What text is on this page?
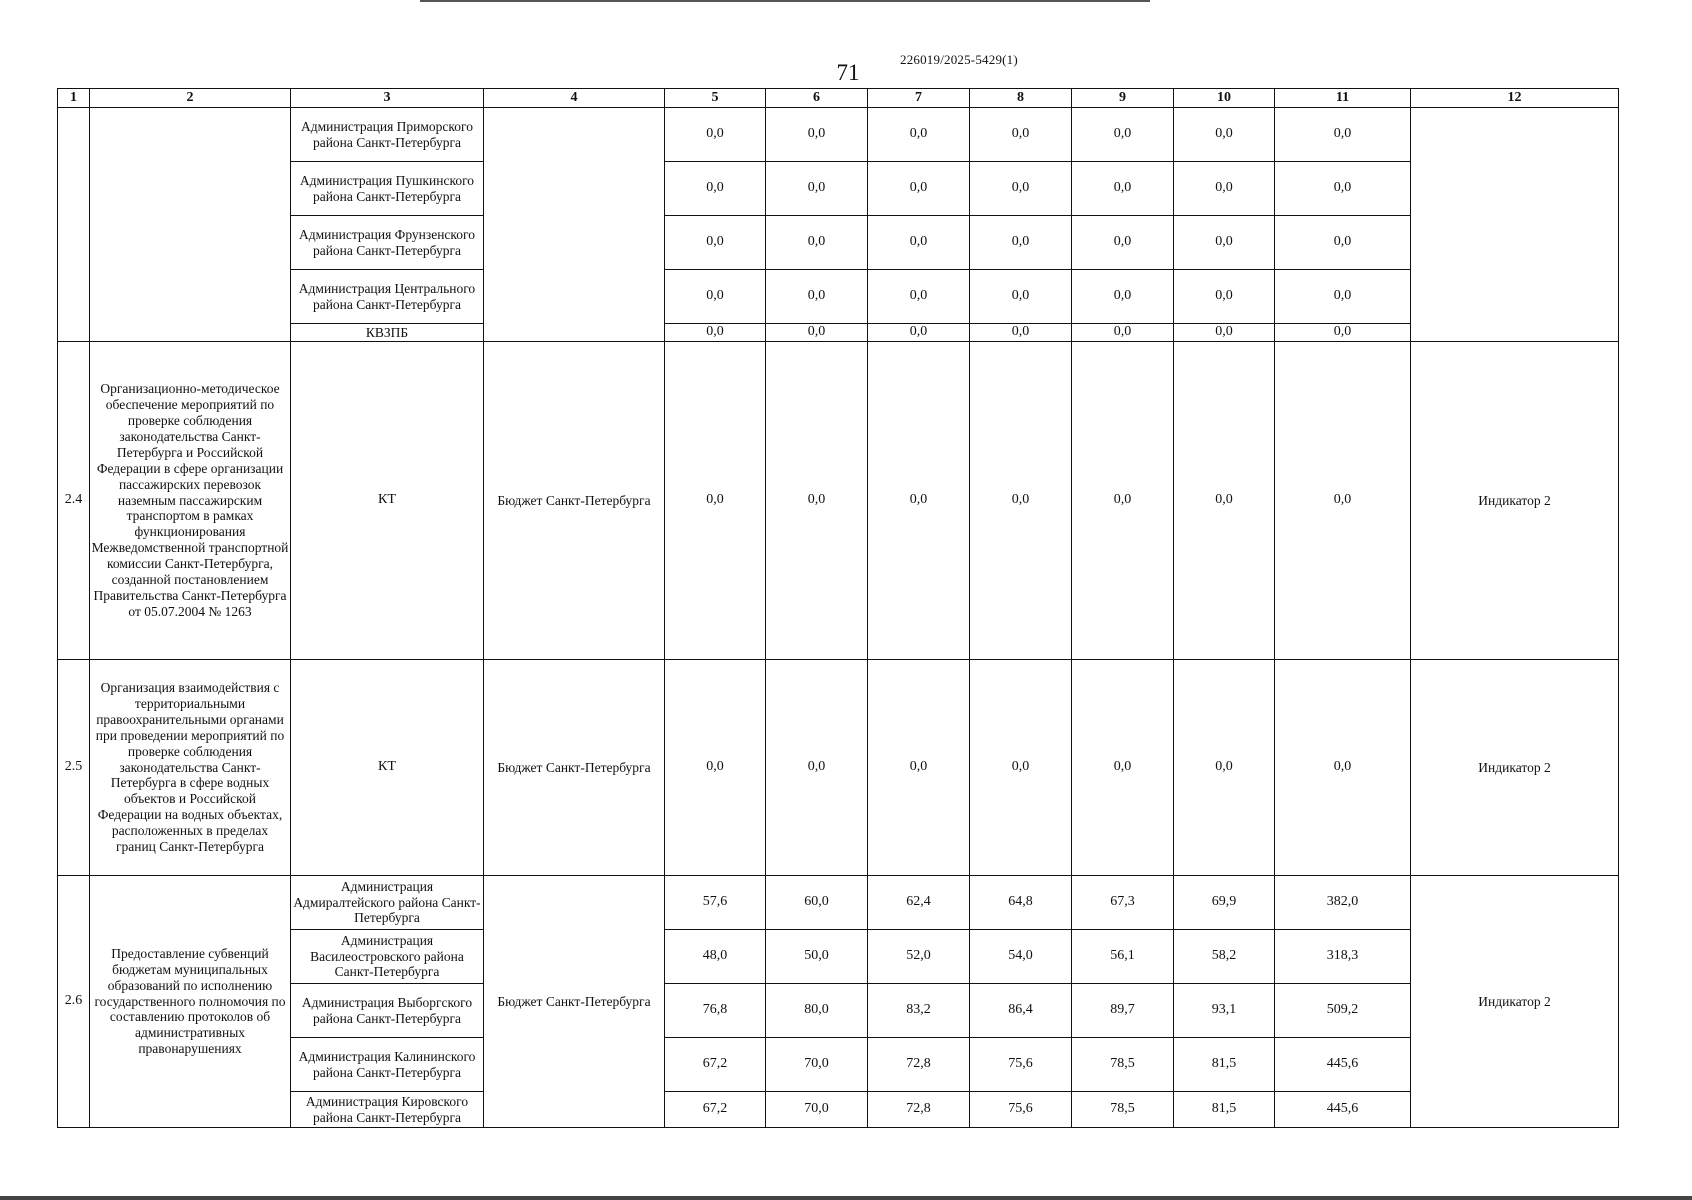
71
226019/2025-5429(1)
1	2	3	4	5	6	7	8	9	10	11	12
		Администрация Приморского района Санкт-Петербурга		0,0	0,0	0,0	0,0	0,0	0,0	0,0	
		Администрация Пушкинского района Санкт-Петербурга		0,0	0,0	0,0	0,0	0,0	0,0	0,0	
		Администрация Фрунзенского района Санкт-Петербурга		0,0	0,0	0,0	0,0	0,0	0,0	0,0	
		Администрация Центрального района Санкт-Петербурга		0,0	0,0	0,0	0,0	0,0	0,0	0,0	
		КВЗПБ		0,0	0,0	0,0	0,0	0,0	0,0	0,0	
2.4	Организационно-методическое обеспечение мероприятий по проверке соблюдения законодательства Санкт-Петербурга и Российской Федерации в сфере организации пассажирских перевозок наземным пассажирским транспортом в рамках функционирования Межведомственной транспортной комиссии Санкт-Петербурга, созданной постановлением Правительства Санкт-Петербурга от 05.07.2004 № 1263	КТ	Бюджет Санкт-Петербурга	0,0	0,0	0,0	0,0	0,0	0,0	0,0	Индикатор 2
2.5	Организация взаимодействия с территориальными правоохранительными органами при проведении мероприятий по проверке соблюдения законодательства Санкт-Петербурга в сфере водных объектов и Российской Федерации на водных объектах, расположенных в пределах границ Санкт-Петербурга	КТ	Бюджет Санкт-Петербурга	0,0	0,0	0,0	0,0	0,0	0,0	0,0	Индикатор 2
2.6	Предоставление субвенций бюджетам муниципальных образований по исполнению государственного полномочия по составлению протоколов об административных правонарушениях	Администрация Адмиралтейского района Санкт-Петербурга	Бюджет Санкт-Петербурга	57,6	60,0	62,4	64,8	67,3	69,9	382,0	Индикатор 2
		Администрация Василеостровского района Санкт-Петербурга		48,0	50,0	52,0	54,0	56,1	58,2	318,3	
		Администрация Выборгского района Санкт-Петербурга		76,8	80,0	83,2	86,4	89,7	93,1	509,2	
		Администрация Калининского района Санкт-Петербурга		67,2	70,0	72,8	75,6	78,5	81,5	445,6	
		Администрация Кировского района Санкт-Петербурга		67,2	70,0	72,8	75,6	78,5	81,5	445,6	
